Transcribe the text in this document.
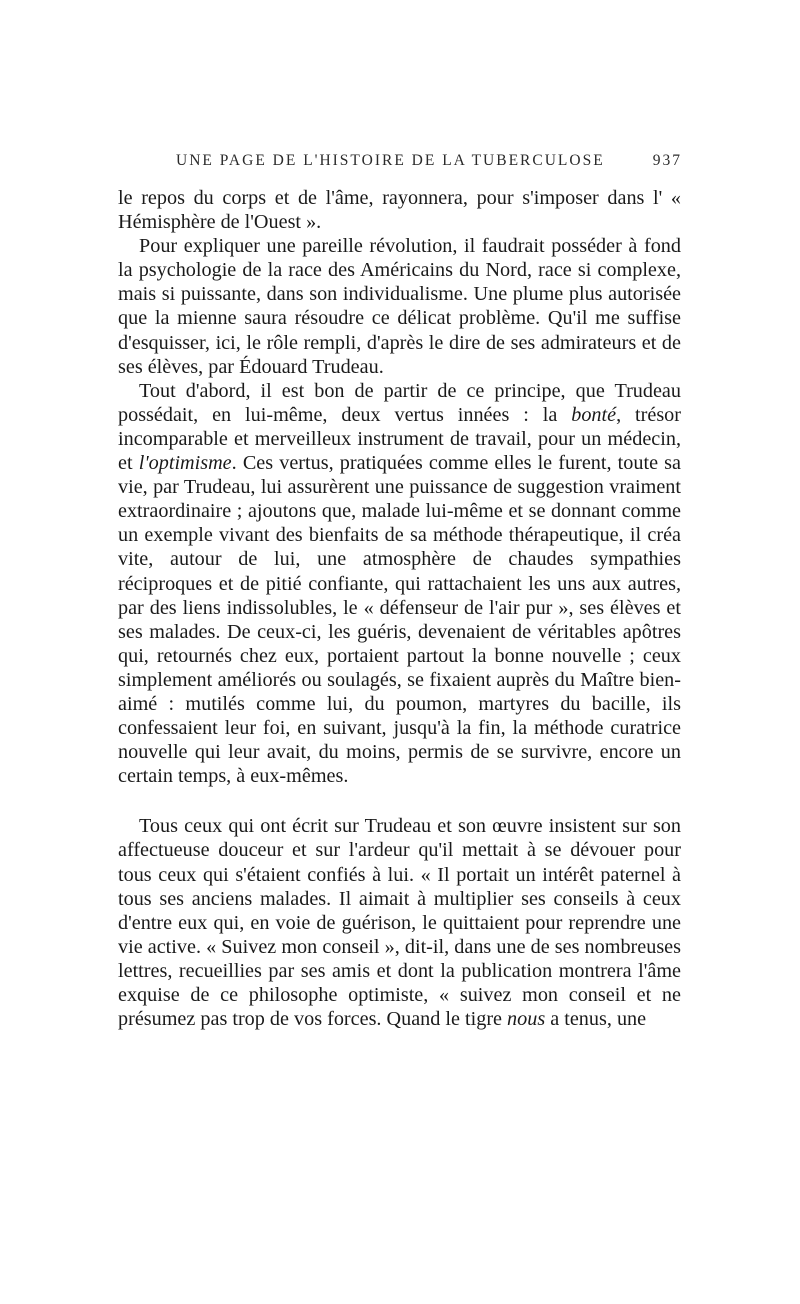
UNE PAGE DE L'HISTOIRE DE LA TUBERCULOSE	937

le repos du corps et de l'âme, rayonnera, pour s'imposer dans l' « Hémisphère de l'Ouest ».

Pour expliquer une pareille révolution, il faudrait posséder à fond la psychologie de la race des Américains du Nord, race si complexe, mais si puissante, dans son individualisme. Une plume plus autorisée que la mienne saura résoudre ce délicat problème. Qu'il me suffise d'esquisser, ici, le rôle rempli, d'après le dire de ses admirateurs et de ses élèves, par Édouard Trudeau.

Tout d'abord, il est bon de partir de ce principe, que Trudeau possédait, en lui-même, deux vertus innées : la bonté, trésor incomparable et merveilleux instrument de travail, pour un médecin, et l'optimisme. Ces vertus, pratiquées comme elles le furent, toute sa vie, par Trudeau, lui assurèrent une puissance de suggestion vraiment extraordinaire ; ajoutons que, malade lui-même et se donnant comme un exemple vivant des bienfaits de sa méthode thérapeutique, il créa vite, autour de lui, une atmosphère de chaudes sympathies réciproques et de pitié confiante, qui rattachaient les uns aux autres, par des liens indissolubles, le « défenseur de l'air pur », ses élèves et ses malades. De ceux-ci, les guéris, devenaient de véritables apôtres qui, retournés chez eux, portaient partout la bonne nouvelle ; ceux simplement améliorés ou soulagés, se fixaient auprès du Maître bien-aimé : mutilés comme lui, du poumon, martyres du bacille, ils confessaient leur foi, en suivant, jusqu'à la fin, la méthode curatrice nouvelle qui leur avait, du moins, permis de se survivre, encore un certain temps, à eux-mêmes.

Tous ceux qui ont écrit sur Trudeau et son œuvre insistent sur son affectueuse douceur et sur l'ardeur qu'il mettait à se dévouer pour tous ceux qui s'étaient confiés à lui. « Il portait un intérêt paternel à tous ses anciens malades. Il aimait à multiplier ses conseils à ceux d'entre eux qui, en voie de guérison, le quittaient pour reprendre une vie active. « Suivez mon conseil », dit-il, dans une de ses nombreuses lettres, recueillies par ses amis et dont la publication montrera l'âme exquise de ce philosophe optimiste, « suivez mon conseil et ne présumez pas trop de vos forces. Quand le tigre nous a tenus, une
